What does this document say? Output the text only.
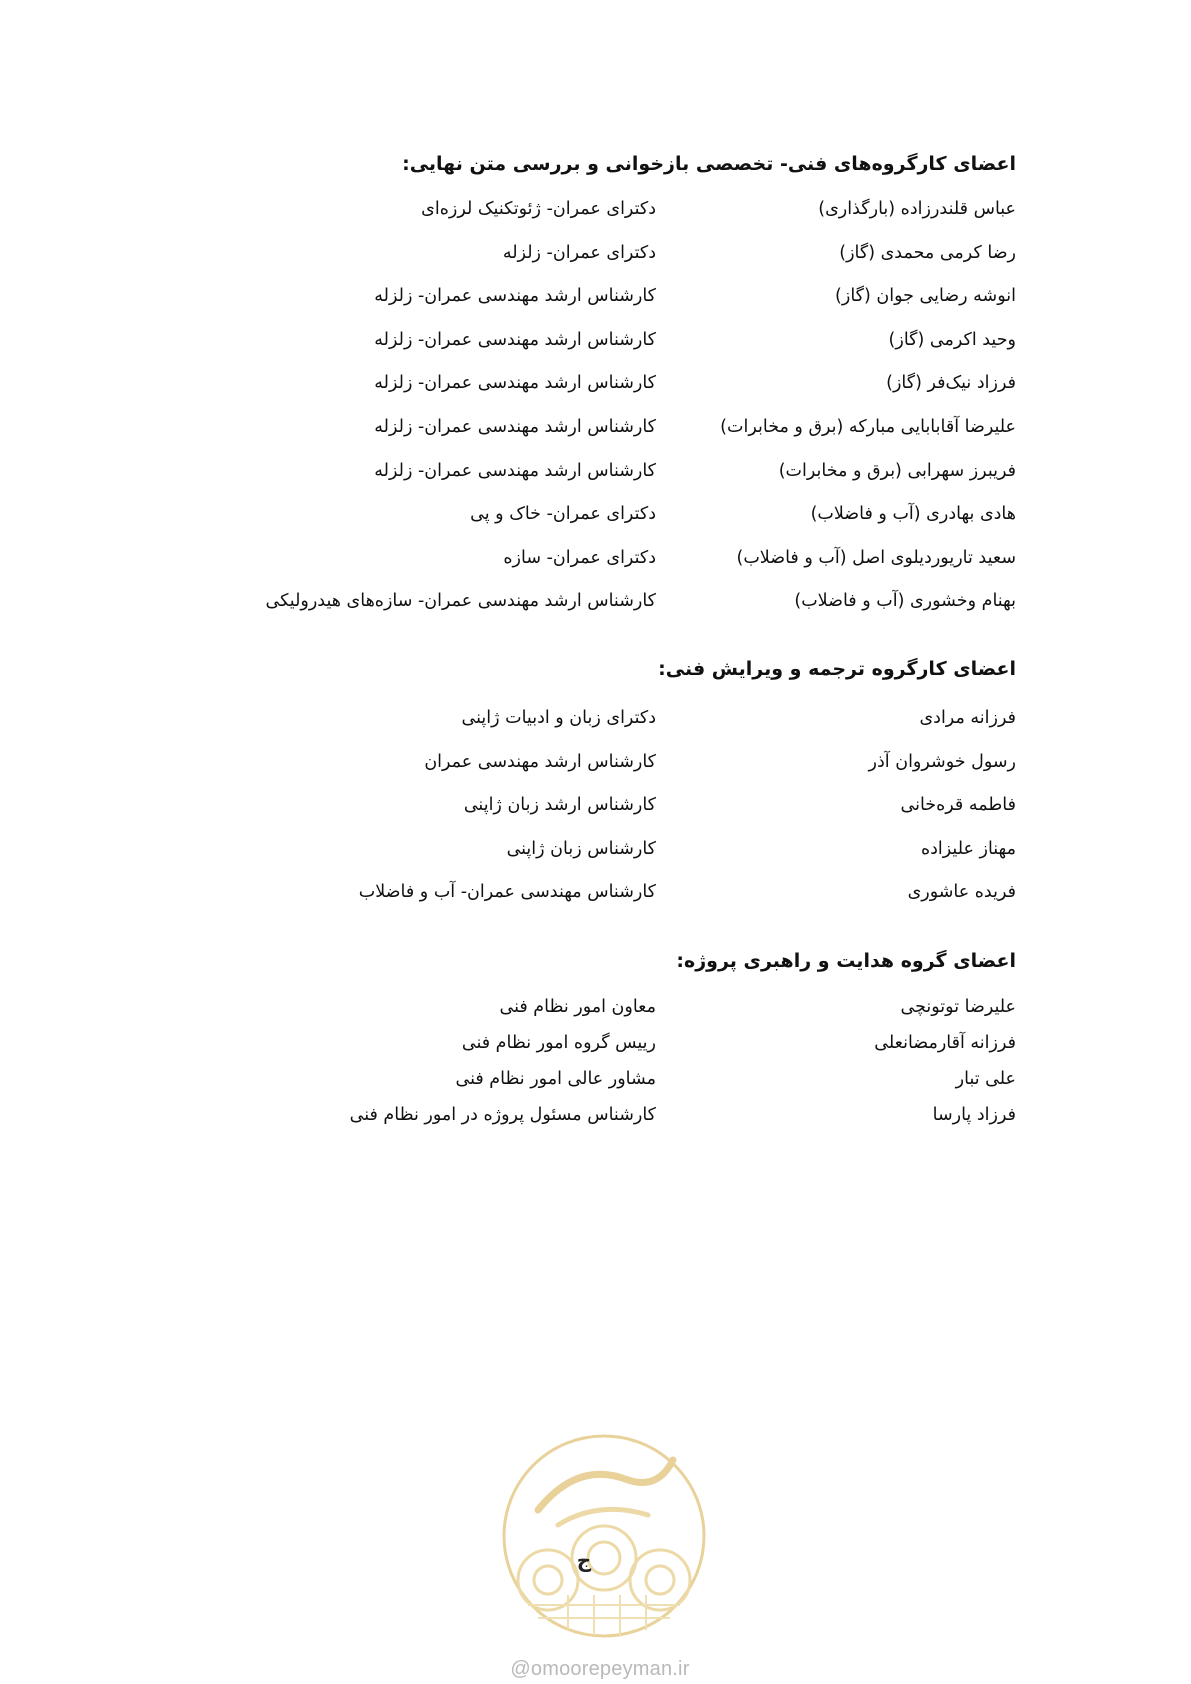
اعضای کارگروه‌های فنی- تخصصی بازخوانی و بررسی متن نهایی:
عباس قلندرزاده (بارگذاری)
دکترای عمران- ژئوتکنیک لرزه‌ای
رضا کرمی محمدی (گاز)
دکترای عمران- زلزله
انوشه رضایی جوان (گاز)
کارشناس ارشد مهندسی عمران- زلزله
وحید اکرمی (گاز)
کارشناس ارشد مهندسی عمران- زلزله
فرزاد نیک‌فر (گاز)
کارشناس ارشد مهندسی عمران- زلزله
علیرضا آقابابایی مبارکه (برق و مخابرات)
کارشناس ارشد مهندسی عمران- زلزله
فریبرز سهرابی (برق و مخابرات)
کارشناس ارشد مهندسی عمران- زلزله
هادی بهادری (آب و فاضلاب)
دکترای عمران- خاک و پی
سعید تاریوردیلوی اصل (آب و فاضلاب)
دکترای عمران- سازه
بهنام وخشوری (آب و فاضلاب)
کارشناس ارشد مهندسی عمران- سازه‌های هیدرولیکی
اعضای کارگروه ترجمه و ویرایش فنی:
فرزانه مرادی
دکترای زبان و ادبیات ژاپنی
رسول خوشروان آذر
کارشناس ارشد مهندسی عمران
فاطمه قره‌خانی
کارشناس ارشد زبان ژاپنی
مهناز علیزاده
کارشناس زبان ژاپنی
فریده عاشوری
کارشناس مهندسی عمران- آب و فاضلاب
اعضای گروه هدایت و راهبری پروژه:
علیرضا توتونچی
معاون امور نظام فنی
فرزانه آقارمضانعلی
رییس گروه امور نظام فنی
علی تبار
مشاور عالی امور نظام فنی
فرزاد پارسا
کارشناس مسئول پروژه در امور نظام فنی
ج
@omoorepeyman.ir
